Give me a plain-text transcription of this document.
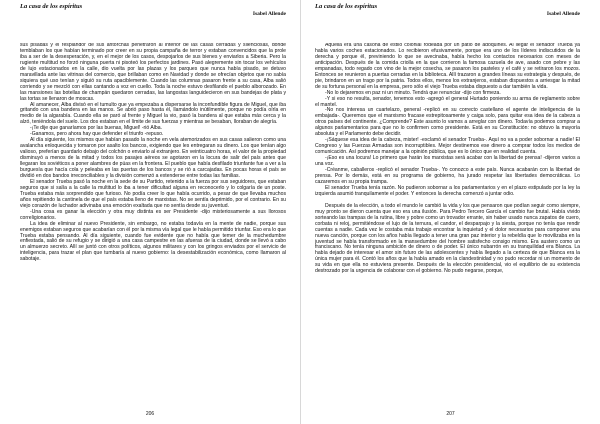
La casa de los espíritus
Isabel Allende

sus pisadas y el resplandor de sus antorchas penetraron al interior de las casas cerradas y silenciosas, donde temblaban los que habían terminado por creer en su propia campaña de terror y estaban convencidos que la prole iba a ser de la desesperación, y, en el mejor de los casos, despojarlos de sus bienes y enviarlos a Siberia. Pero la rugiente multitud no forzó ninguna puerta ni pisoteó los perfectos jardines. Pasó alegremente sin tocar los vehículos de lujo estacionados en la calle, dio vuelta por las plazas y los parques que nunca había pisado, se detuvo maravillada ante las vitrinas del comercio, que brillaban como en Navidad y donde se ofrecían objetos que no sabía siquiera qué uso tenían y siguió su ruta apaciblemente. Cuando las columnas pasaron frente a su casa, Alba salió corriendo y se mezcló con ellas cantando a voz en cuello. Toda la noche estuvo desfilando el pueblo alborozado. En las mansiones las botellas de champán quedaron cerradas, las langostas languidecieron en sus bandejas de plata y las tortas se llenaron de moscas.

Al amanecer, Alba divisó en el tumulto que ya empezaba a dispersarse la inconfundible figura de Miguel, que iba gritando con una bandera en las manos. Se abrió paso hasta él, llamándolo inútilmente, porque no podía oírla en medio de la algarabía. Cuando ella se paró al frente y Miguel la vio, pasó la bandera al que estaba más cerca y la alzó, teniéndola del suelo. Los dos estaban en el límite de sus fuerzas y mientras se besaban, lloraban de alegría.

-¡Te dije que ganaríamos por las buenas, Miguel! -rió Alba.

-Ganamos, pero ahora hay que defender el triunfo -repuso.

Al día siguiente, los mismos que habían pasado la noche en vela atemorizados en sus casas salieron como una avalancha enloquecida y tomaron por asalto los bancos, exigiendo que les entregaran su dinero. Los que tenían algo valioso, preferían guardarlo debajo del colchón o enviarlo al extranjero. En veinticuatro horas, el valor de la propiedad disminuyó a menos de la mitad y todos los pasajes aéreos se agotaron en la locura de salir del país antes que llegaran los soviéticos a poner alambres de púas en la frontera. El pueblo que había desfilado triunfante fue a ver a la burguesía que hacía cola y peleaba en las puertas de los bancos y se rió a carcajadas. En pocas horas el país se dividió en dos bandos irreconciliables y la división comenzó a extenderse entre todas las familias.

El senador Trueba pasó la noche en la sede de su Partido, retenido a la fuerza por sus seguidores, que estaban seguros que si salía a la calle la multitud lo iba a tener dificultad alguna en reconocerlo y lo colgaría de un poste. Trueba estaba más sorprendido que furioso. No podía creer lo que había ocurrido, a pesar de que llevaba muchos años repitiendo la cantinela de que el país estaba lleno de marxistas. No se sentía deprimido, por el contrario. En su viejo corazón de luchador adivinaba una emoción exaltada que no sentía desde su juventud.

-Una cosa es ganar la elección y otra muy distinta es ser Presidente -dijo misteriosamente a sus llorosos correligionarios.

La idea de eliminar al nuevo Presidente, sin embargo, no estaba todavía en la mente de nadie, porque sus enemigos estaban seguros que acabarían con él por la misma vía legal que le había permitido triunfar. Eso era lo que Trueba estaba pensando. Al día siguiente, cuando fue evidente que no había que temer de la muchedumbre enfiestada, salió de su refugio y se dirigió a una casa campestre en las afueras de la ciudad, donde se llevó a cabo un almuerzo secreto. Allí se juntó con otros políticos, algunos militares y con los gringos enviados por el servicio de inteligencia, para trazar el plan que tumbaría al nuevo gobierno: la desestabilización económica, como llamaron al sabotaje.

206
La casa de los espíritus
Isabel Allende

Aquella era una casona de estilo colonial rodeada por un patio de adoquines. Al llegar el senador Trueba ya había varios coches estacionados. Lo recibieron efusivamente, porque era uno de los líderes indiscutidos de la derecha y porque él, previniendo lo que se avecinaba, había hecho los contactos necesarios con meses de anticipación. Después de la comida criolla en la que corrieron la famosa cazuela de ave, asado con pebre y las empanadas, todo regado con vino de la mejor cosecha, se pasaron los pasteles y el café y se retiraron los mozos. Entonces se reunieron a puertas cerradas en la biblioteca. Allí trazaron a grandes líneas su estrategia y después, de pie, brindaron en un trago por la patria. Todos ellos, menos los extranjeros, estaban dispuestos a arriesgar la mitad de su fortuna personal en la empresa, pero sólo el viejo Trueba estaba dispuesto a dar también la vida.

-No lo dejaremos en paz ni un minuto. Tendrá que renunciar -dijo con firmeza.

-Y si eso no resulta, senador, tenemos esto -agregó el general Hurtado poniendo su arma de reglamento sobre el mantel.

-No nos interesa un cuartelazo, general -replicó en su correcto castellano el agente de inteligencia de la embajada-. Queremos que el marxismo fracase estrepitosamente y caiga solo, para quitar esa idea de la cabeza a otros países del continente. ¿Comprende? Este asunto lo vamos a arreglar con dinero. Todavía podemos comprar a algunos parlamentarios para que no lo confirmen como presidente. Está en su Constitución: no obtuvo la mayoría absoluta y el Parlamento debe decidir.

-¡Sáquese esa idea de la cabeza, mister! -exclamó el senador Trueba-. Aquí no va a poder sobornar a nadie! El Congreso y las Fuerzas Armadas son incorruptibles. Mejor destinemos ese dinero a comprar todos los medios de comunicación. Así podremos manejar a la opinión pública, que es lo único que en realidad cuenta.

-¡Eso es una locura! Lo primero que harán los marxistas será acabar con la libertad de prensa! -dijeron varios a una voz.

-Créanme, caballeros -replicó el senador Trueba-. Yo conozco a este país. Nunca acabarán con la libertad de prensa. Por lo demás, está en su programa de gobierno, ha jurado respetar las libertades democráticas. Lo cazaremos en su propia trampa.

El senador Trueba tenía razón. No pudieron sobornar a los parlamentarios y en el plazo estipulado por la ley la izquierda asumió tranquilamente el poder. Y entonces la derecha comenzó a juntar odio.

Después de la elección, a todo el mundo le cambió la vida y los que pensaron que podían seguir como siempre, muy pronto se dieron cuenta que eso era una ilusión. Para Pedro Tercero García el cambio fue brutal. Había vivido sorteando las trampas de la rutina, libre y pobre como un trovador errante, sin haber usado nunca zapatos de cuero, corbata ni reloj, permitiéndose el lujo de la ternura, el candor, el desparpajo y la siesta, porque no tenía que rendir cuentas a nadie. Cada vez le costaba más trabajo encontrar la inquietud y el dolor necesarios para componer una nueva canción, porque con los años había llegado a tener una gran paz interior y la rebeldía que lo movilizaba en la juventud se había transformado en la mansedumbre del hombre satisfecho consigo mismo. Era austero como un franciscano. No tenía ninguna ambición de dinero o de poder. El único nubarrón en su tranquilidad era Blanca. La había dejado de interesar el amor sin futuro de las adolescentes y había llegado a la certeza de que Blanca era la única mujer para él. Contó los años que la había amado en la clandestinidad y no pudo recordar ni un momento de su vida en que ella no estuviera presente. Después de la elección presidencial, vio el equilibrio de su existencia destrozado por la urgencia de colaborar con el gobierno. No pudo negarse, porque,

207
